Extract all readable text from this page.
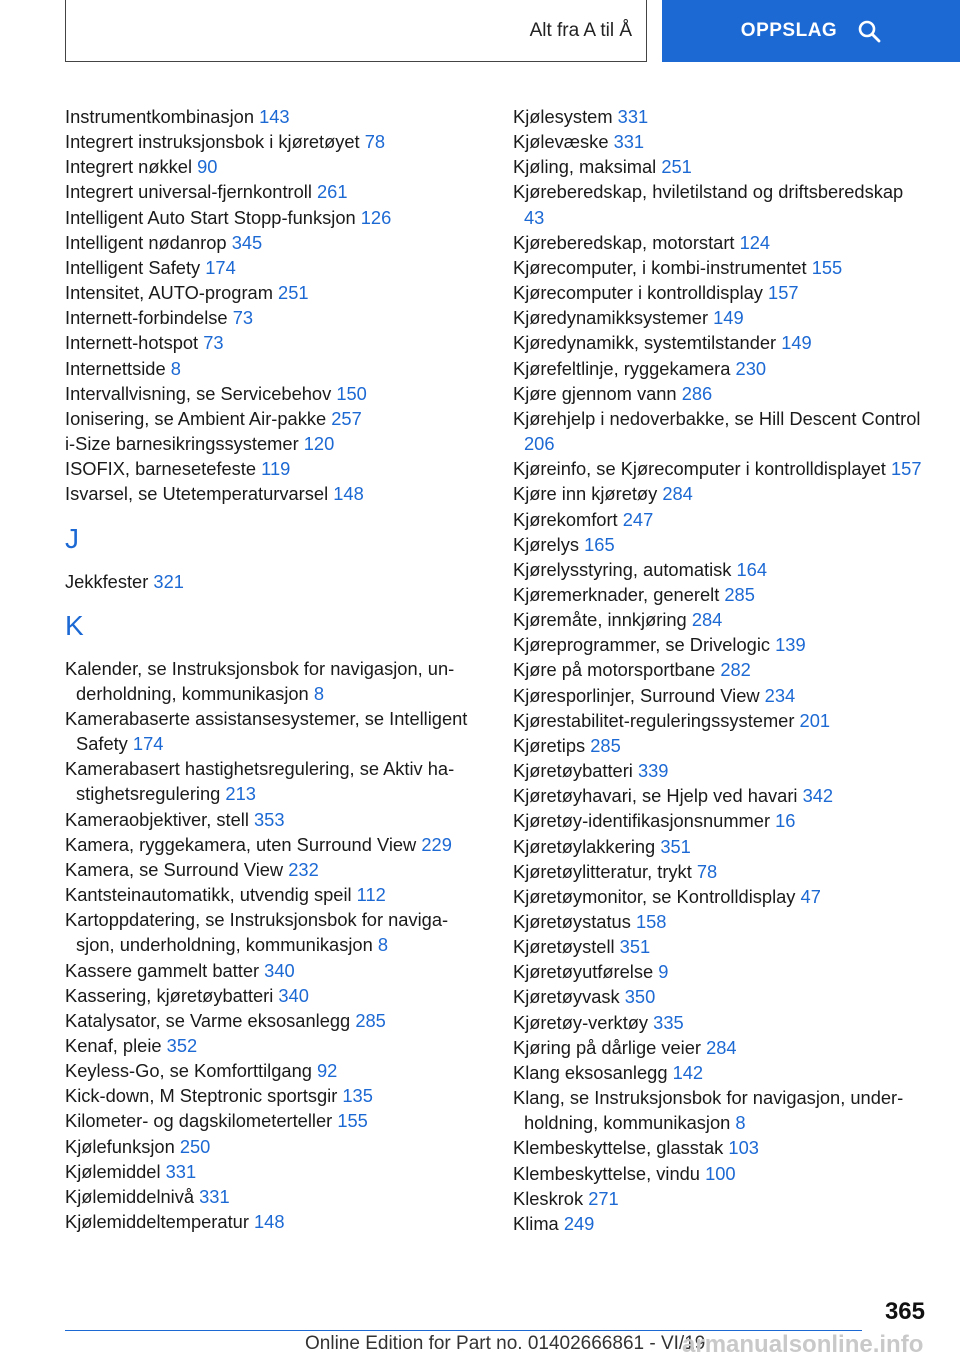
Alt fra A til Å	OPPSLAG
Instrumentkombinasjon 143
Integrert instruksjonsbok i kjøretøyet 78
Integrert nøkkel 90
Integrert universal-fjernkontroll 261
Intelligent Auto Start Stopp-funksjon 126
Intelligent nødanrop 345
Intelligent Safety 174
Intensitet, AUTO-program 251
Internett-forbindelse 73
Internett-hotspot 73
Internettside 8
Intervallvisning, se Servicebehov 150
Ionisering, se Ambient Air-pakke 257
i-Size barnesikringssystemer 120
ISOFIX, barnesetefeste 119
Isvarsel, se Utetemperaturvarsel 148
J
Jekkfester 321
K
Kalender, se Instruksjonsbok for navigasjon, underholdning, kommunikasjon 8
Kamerabaserte assistansesystemer, se Intelligent Safety 174
Kamerabasert hastighetsregulering, se Aktiv hastighetsregulering 213
Kameraobjektiver, stell 353
Kamera, ryggekamera, uten Surround View 229
Kamera, se Surround View 232
Kantsteinautomatikk, utvendig speil 112
Kartoppdatering, se Instruksjonsbok for navigasjon, underholdning, kommunikasjon 8
Kassere gammelt batter 340
Kassering, kjøretøybatteri 340
Katalysator, se Varme eksosanlegg 285
Kenaf, pleie 352
Keyless-Go, se Komforttilgang 92
Kick-down, M Steptronic sportsgir 135
Kilometer- og dagskilometerteller 155
Kjølefunksjon 250
Kjølemiddel 331
Kjølemiddelnivå 331
Kjølemiddeltemperatur 148
Kjølesystem 331
Kjølevæske 331
Kjøling, maksimal 251
Kjøreberedskap, hviletilstand og driftsberedskap 43
Kjøreberedskap, motorstart 124
Kjørecomputer, i kombi-instrumentet 155
Kjørecomputer i kontrolldisplay 157
Kjøredynamikksystemer 149
Kjøredynamikk, systemtilstander 149
Kjørefeltlinje, ryggekamera 230
Kjøre gjennom vann 286
Kjørehjelp i nedoverbakke, se Hill Descent Control 206
Kjøreinfo, se Kjørecomputer i kontrolldisplayet 157
Kjøre inn kjøretøy 284
Kjørekomfort 247
Kjørelys 165
Kjørelysstyring, automatisk 164
Kjøremerknader, generelt 285
Kjøremåte, innkjøring 284
Kjøreprogrammer, se Drivelogic 139
Kjøre på motorsportbane 282
Kjøresporlinjer, Surround View 234
Kjørestabilitet-reguleringssystemer 201
Kjøretips 285
Kjøretøybatteri 339
Kjøretøyhavari, se Hjelp ved havari 342
Kjøretøy-identifikasjonsnummer 16
Kjøretøylakkering 351
Kjøretøylitteratur, trykt 78
Kjøretøymonitor, se Kontrolldisplay 47
Kjøretøystatus 158
Kjøretøystell 351
Kjøretøyutførelse 9
Kjøretøyvask 350
Kjøretøy-verktøy 335
Kjøring på dårlige veier 284
Klang eksosanlegg 142
Klang, se Instruksjonsbok for navigasjon, underholdning, kommunikasjon 8
Klembeskyttelse, glasstak 103
Klembeskyttelse, vindu 100
Kleskrok 271
Klima 249
365
Online Edition for Part no. 01402666861 - VI/19
armanualsonline.info
